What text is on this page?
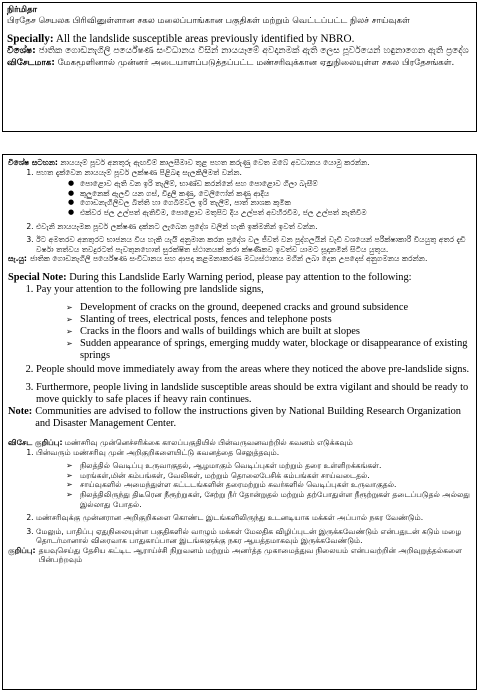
நிர்மிதா

பிரதேச செயலக பிரிவினுள்ளான சகல மலைப்பாங்கான பகுதிகள் மற்றும் வெட்டப்பட்ட நிலச் சாய்வுகள்

Specially: All the landslide susceptible areas previously identified by NBRO.

විශේෂ: ජාතික ගොඩනැගිලි පර්යේෂණ සංවිධානය විසින් නායයෑමේ අවදානමක් ඇති ලෙස පූර්වයෙන් හඳුනාගෙන ඇති ප්‍රදේශ

விசேடமாக: மேகமூளினால் முன்னர் அடையாளப்படுத்தப்பட்ட மண்சரிவுக்கான ஏதுநிலையுள்ள சகல பிரதேசங்கள்.

විශේෂ සටහන: නායයෑම් පූර්ව අනතුරු ඇඟවීම් කාලසීමාව තුළ පහත කරුණු වෙත ඔබේ අවධානය යොමු කරන්න.

1. පහත දැක්වෙන නායයෑම් පූර්ව ලක්ෂණ පිළිබඳ සැලකිලිමත් වන්න.
● පොළොව ඇති වන ඉරි තැලීම්, භාණ්ඩ කරන්නේ සහ පොළොව ගිලා බැසීම්
● කුලුනෙක් ඇලවී යන ගස්, විදුලි කණු, ටෙලිෆෝන් කණු ආදිය
● ගොඩනැගිලිවල බිත්ති හා ගෙබිම්වල ඉරි තැලීම්, පාත් නාශක කුමික
● එක්වර ජල උල්පත් ඇතිවීම, පොළොව මතුපිට දිය උල්පත් අවහිරවීම, ජල උල්පත් නැතිවීම
2. එවැනි නායයෑමක පූර්ව ලක්ෂණ දක්නට ලැබෙන ප්‍රදේශ වලින් හැකි ඉක්මනින් ඉවත් වන්න.
3. ඊට අමතරව අනතුරට භාජනය විය හැකි යැයි අනුමාන කරන ප්‍රදේශ වල ජීවත් වන පුද්ගලයින් වැඩි වශයෙන් පරීක්ෂාකාරී වියයුතු අතර දැඩි වර්ෂා තත්වය තවදුරටත් පැවතුනහොත් සුරක්ෂිත ස්ථානයක් කරා ක්ෂණිකව ඉවත්ව යාමට සූදානමින් සිටිය යුතුය.
සැ.යු: ජාතික ගොඩනැගිලි පර්යේෂණ සංවිධානය සහ ආපදා කළමනාකරණ මධ්‍යස්ථානය මගින් ලබා දෙන උපදෙස් අනුගමනය කරන්න.

Special Note: During this Landslide Early Warning period, please pay attention to the following:

1. Pay your attention to the following pre landslide signs,
➢ Development of cracks on the ground, deepened cracks and ground subsidence
➢ Slanting of trees, electrical posts, fences and telephone posts
➢ Cracks in the floors and walls of buildings which are built at slopes
➢ Sudden appearance of springs, emerging muddy water, blockage or disappearance of existing springs
2. People should move immediately away from the areas where they noticed the above pre-landslide signs.
3. Furthermore, people living in landslide susceptible areas should be extra vigilant and should be ready to move quickly to safe places if heavy rain continues.
Note: Communities are advised to follow the instructions given by National Building Research Organization and Disaster Management Center.

விசேட குறிப்பு: மண்சரிவு முன்னெச்சரிக்கை காலப்பகுதியில் பின்வருவனவற்றில் கவனம் எடுக்கவும்

1. பின்வரும் மண்சரிவு முன் அறிகுறிகளையிட்டு கவனத்தை செலுத்தவும்.
➢ நிலத்தில் வெடிப்பு உருவாகுதல், ஆழமாகும் வெடிப்புகள் மற்றும் தரை உள்ளிறக்கங்கள்.
➢ மரங்கள்,மின் கம்பங்கள், வேலிகள், மற்றும் தொலைபேசிக் கம்பங்கள் சாய்வடைதல்.
➢ சாய்வுகளில் அமைந்துள்ள கட்டடங்களின் தரைமற்றும் சுவர்களில் வெடிப்புகள் உருவாகுதல்.
➢ நிலத்திலிருந்து திடீரென நீரூற்றுகள், சேற்று நீர் தோன்றுதல் மற்றும் தற்போதுள்ள நீரூற்றுகள் தடைப்படுதல் அல்லது இல்லாது போதல்.
2. மண்சரிவுக்கு முன்னரான அறிகுறிகளை கொண்ட இடங்களிலிருந்து உடனடியாக மக்கள் அப்பால் நகர வேண்டும்.
3. மேலும், பாதிப்பு ஏதுநிலையுள்ள பகுதிகளில் வாழும் மக்கள் மேலதிக விழிப்புடன் இருக்கவேண்டும் என்பதுடன் கடும் மழை தொடர்மானால் விரைவாக பாதுகாப்பான இடங்களுக்கு நகர ஆயத்தமாகவும் இருக்கவேண்டும்.
குறிப்பு: தயவுசெய்து தேசிய கட்டிட ஆராய்ச்சி நிறுவனம் மற்றும் அனர்த்த முகாமைத்துவ நிலையம் என்பவற்றின் அறிவுறுத்தல்களை பின்பற்றவும்
